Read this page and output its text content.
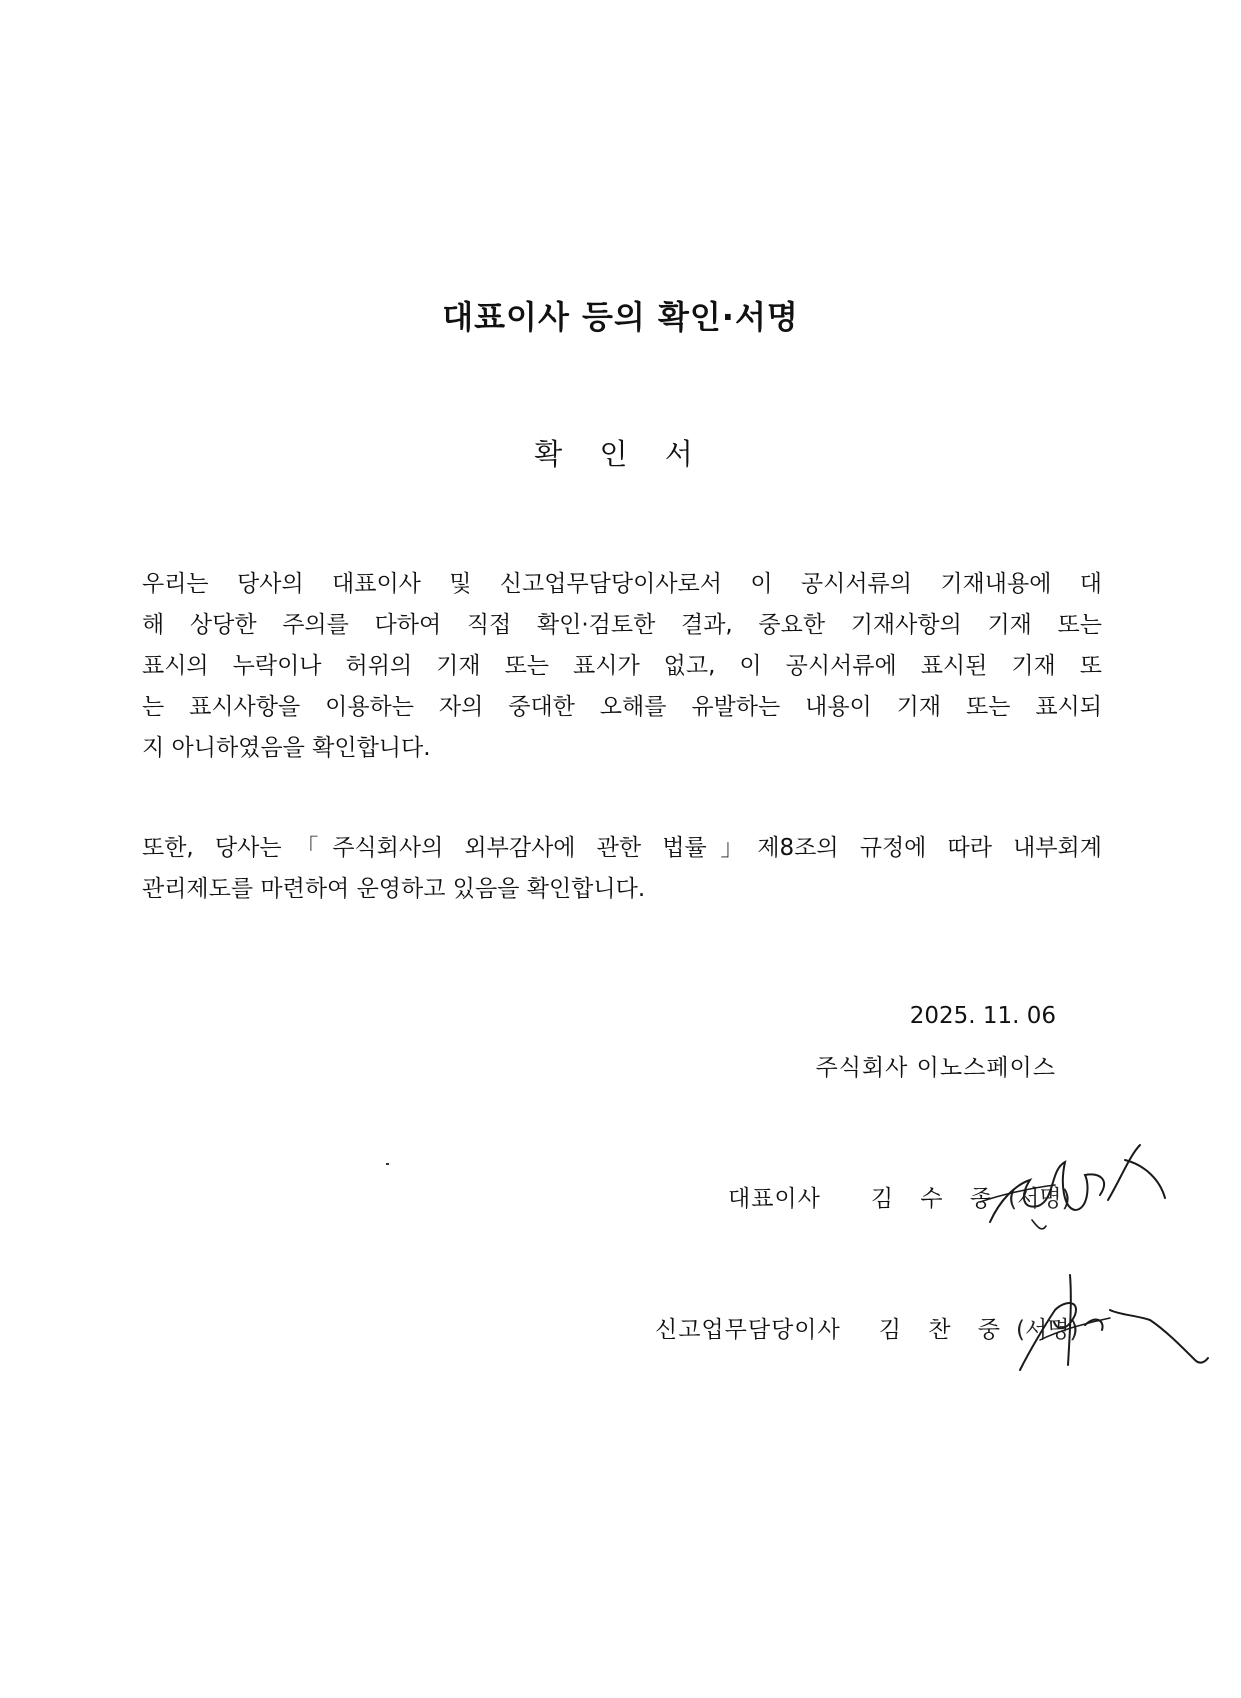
대표이사 등의 확인·서명
확 인 서
우리는 당사의 대표이사 및 신고업무담당이사로서 이 공시서류의 기재내용에 대
해 상당한 주의를 다하여 직접 확인·검토한 결과, 중요한 기재사항의 기재 또는
표시의 누락이나 허위의 기재 또는 표시가 없고, 이 공시서류에 표시된 기재 또
는 표시사항을 이용하는 자의 중대한 오해를 유발하는 내용이 기재 또는 표시되
지 아니하였음을 확인합니다.
또한, 당사는「주식회사의 외부감사에 관한 법률」제8조의 규정에 따라 내부회계
관리제도를 마련하여 운영하고 있음을 확인합니다.
2025. 11. 06
주식회사 이노스페이스
대표이사 김 수 종 (서명)
신고업무담당이사 김 찬 중 (서명)
